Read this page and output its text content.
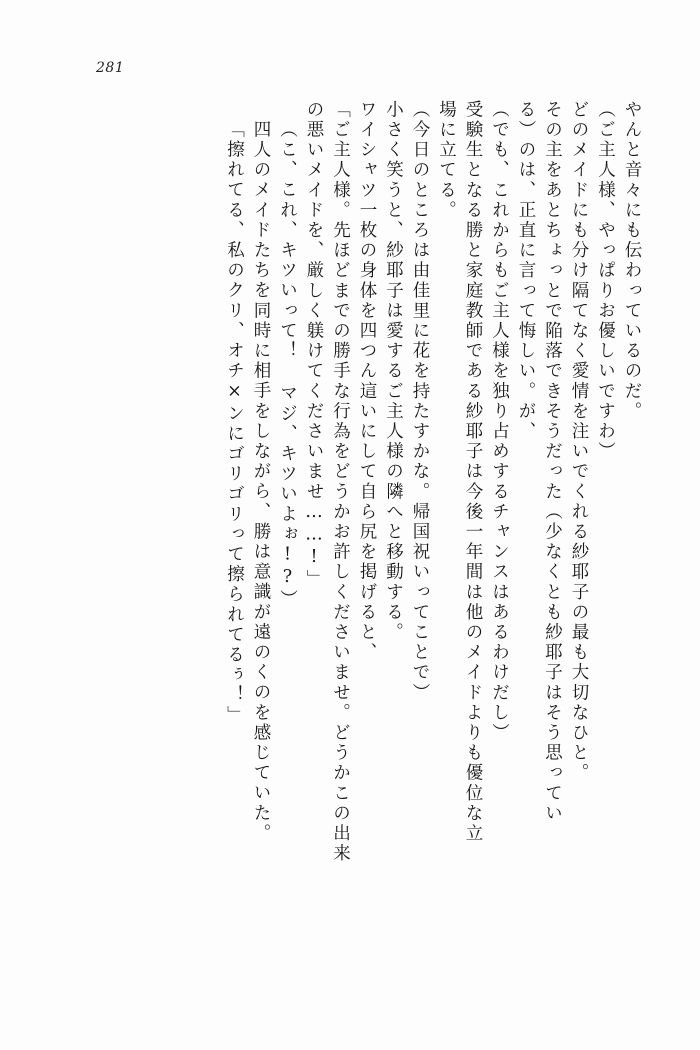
281
やんと音々にも伝わっているのだ。
（ご主人様、やっぱりお優しいですわ）
どのメイドにも分け隔てなく愛情を注いでくれる紗耶子の最も大切なひと。
その主をあとちょっとで陥落できそうだった（少なくとも紗耶子はそう思ってい
る）のは、正直に言って悔しい。が、
（でも、これからもご主人様を独り占めするチャンスはあるわけだし）
受験生となる勝と家庭教師である紗耶子は今後一年間は他のメイドよりも優位な立
場に立てる。
（今日のところは由佳里に花を持たすかな。帰国祝いってことで）
小さく笑うと、紗耶子は愛するご主人様の隣へと移動する。
ワイシャツ一枚の身体を四つん這いにして自ら尻を掲げると、
「ご主人様。先ほどまでの勝手な行為をどうかお許しくださいませ。どうかこの出来
の悪いメイドを、厳しく躾けてくださいませ……!」
（こ、これ、キツいって！ マジ、キツいよぉ!?）
四人のメイドたちを同時に相手をしながら、勝は意識が遠のくのを感じていた。
「擦れてる、私のクリ、オチ×ンにゴリゴリって擦られてるぅ！」
